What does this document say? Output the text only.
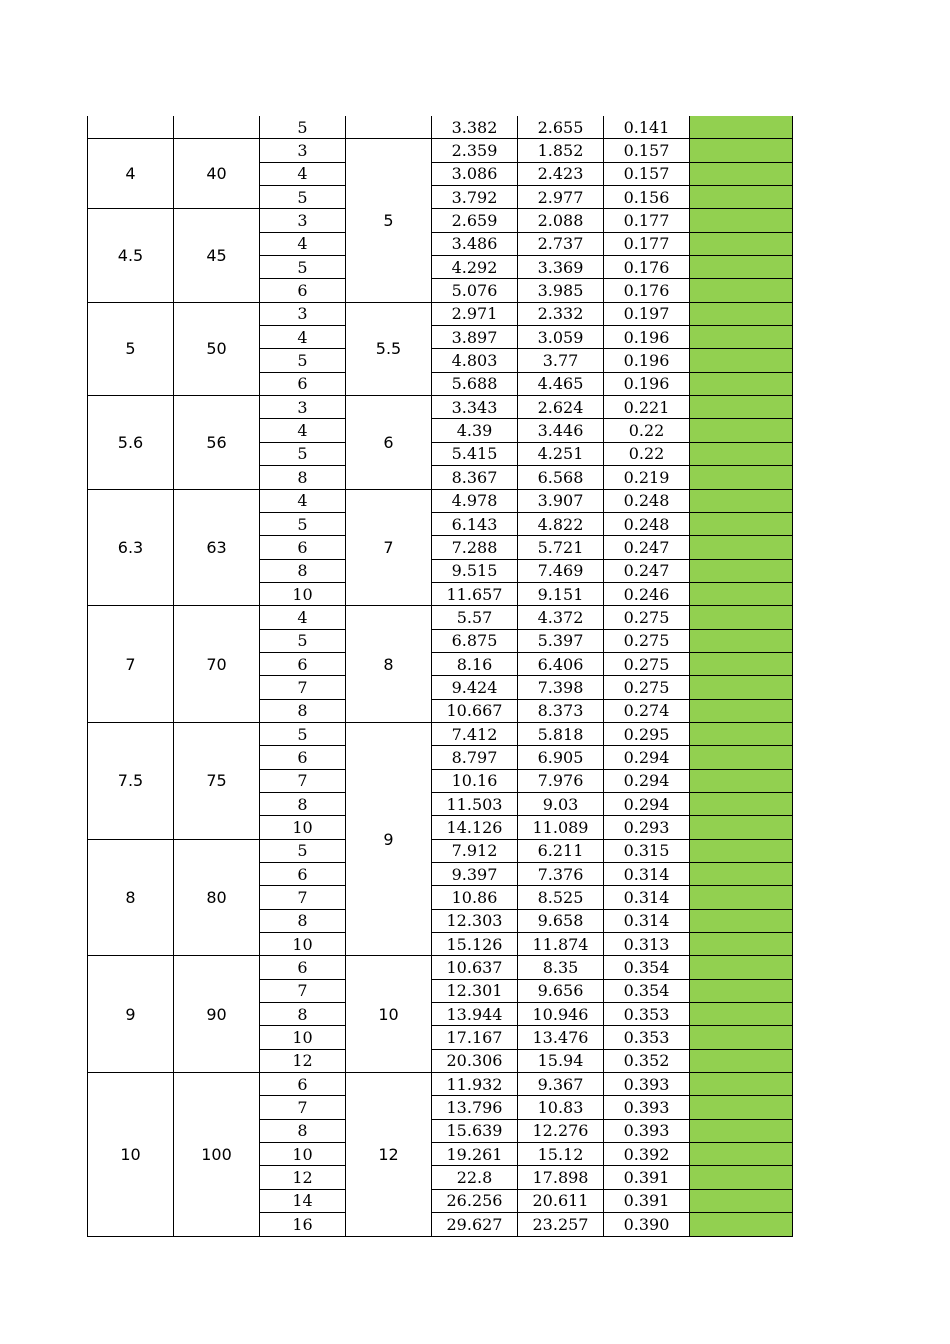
		5		3.382	2.655	0.141	
4	40	3	5	2.359	1.852	0.157	
		4		3.086	2.423	0.157	
		5		3.792	2.977	0.156	
4.5	45	3		2.659	2.088	0.177	
		4		3.486	2.737	0.177	
		5		4.292	3.369	0.176	
		6		5.076	3.985	0.176	
5	50	3	5.5	2.971	2.332	0.197	
		4		3.897	3.059	0.196	
		5		4.803	3.77	0.196	
		6		5.688	4.465	0.196	
5.6	56	3	6	3.343	2.624	0.221	
		4		4.39	3.446	0.22	
		5		5.415	4.251	0.22	
		8		8.367	6.568	0.219	
6.3	63	4	7	4.978	3.907	0.248	
		5		6.143	4.822	0.248	
		6		7.288	5.721	0.247	
		8		9.515	7.469	0.247	
		10		11.657	9.151	0.246	
7	70	4	8	5.57	4.372	0.275	
		5		6.875	5.397	0.275	
		6		8.16	6.406	0.275	
		7		9.424	7.398	0.275	
		8		10.667	8.373	0.274	
7.5	75	5	9	7.412	5.818	0.295	
		6		8.797	6.905	0.294	
		7		10.16	7.976	0.294	
		8		11.503	9.03	0.294	
		10		14.126	11.089	0.293	
8	80	5		7.912	6.211	0.315	
		6		9.397	7.376	0.314	
		7		10.86	8.525	0.314	
		8		12.303	9.658	0.314	
		10		15.126	11.874	0.313	
9	90	6	10	10.637	8.35	0.354	
		7		12.301	9.656	0.354	
		8		13.944	10.946	0.353	
		10		17.167	13.476	0.353	
		12		20.306	15.94	0.352	
10	100	6	12	11.932	9.367	0.393	
		7		13.796	10.83	0.393	
		8		15.639	12.276	0.393	
		10		19.261	15.12	0.392	
		12		22.8	17.898	0.391	
		14		26.256	20.611	0.391	
		16		29.627	23.257	0.390	
